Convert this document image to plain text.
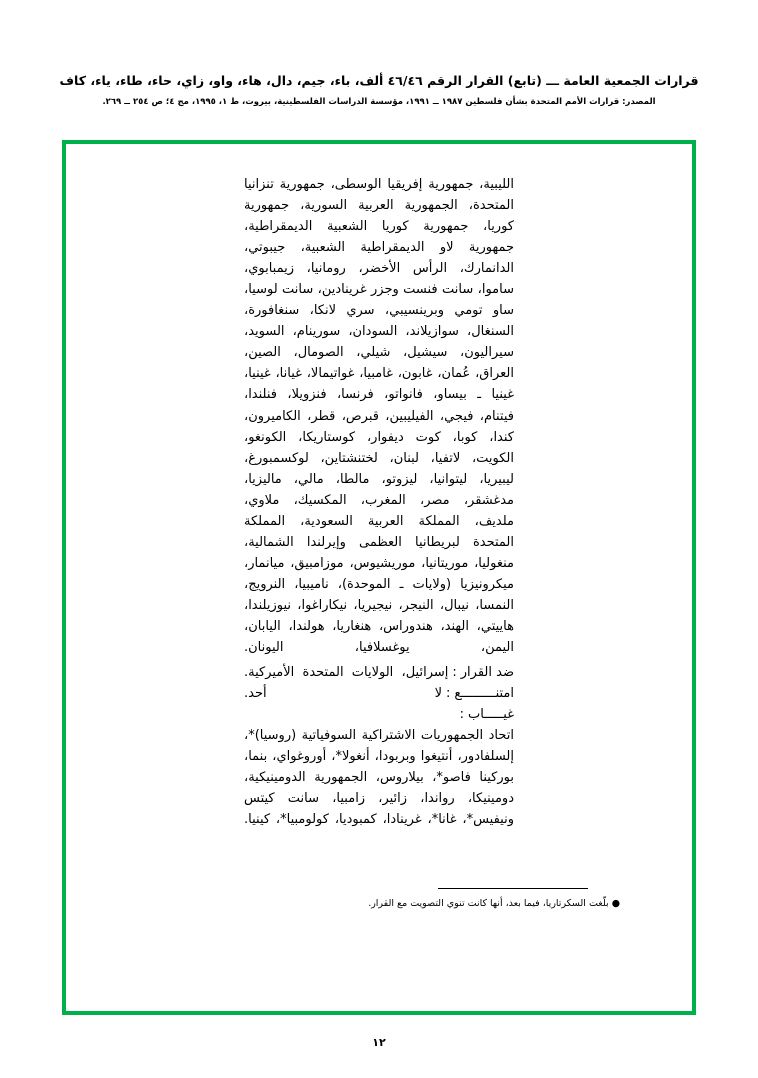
قرارات الجمعية العامة ـــ (تابع) القرار الرقم ٤٦/٤٦ ألف، باء، جيم، دال، هاء، واو، زاي، حاء، طاء، ياء، كاف
المصدر: قرارات الأمم المتحدة بشأن فلسطين ١٩٨٧ ــ ١٩٩١، مؤسسة الدراسات الفلسطينية، بيروت، ط ١، ١٩٩٥، مج ٤؛ ص ٢٥٤ ــ ٢٦٩.

الليبية، جمهورية إفريقيا الوسطى، جمهورية تنزانيا المتحدة، الجمهورية العربية السورية، جمهورية كوريا، جمهورية كوريا الشعبية الديمقراطية، جمهورية لاو الديمقراطية الشعبية، جيبوتي، الدانمارك، الرأس الأخضر، رومانيا، زيمبابوي، ساموا، سانت فنست وجزر غرينادين، سانت لوسيا، ساو تومي وبرينسيبي، سري لانكا، سنغافورة، السنغال، سوازيلاند، السودان، سورينام، السويد، سيراليون، سيشيل، شيلي، الصومال، الصين، العراق، عُمان، غابون، غامبيا، غواتيمالا، غيانا، غينيا، غينيا ـ بيساو، فانواتو، فرنسا، فنزويلا، فنلندا، فيتنام، فيجي، الفيليبين، قبرص، قطر، الكاميرون، كندا، كوبا، كوت ديفوار، كوستاريكا، الكونغو، الكويت، لاتفيا، لبنان، لختنشتاين، لوكسمبورغ، ليبيريا، ليتوانيا، ليزوتو، مالطا، مالي، ماليزيا، مدغشقر، مصر، المغرب، المكسيك، ملاوي، ملديف، المملكة العربية السعودية، المملكة المتحدة لبريطانيا العظمى وإيرلندا الشمالية، منغوليا، موريتانيا، موريشيوس، موزامبيق، ميانمار، ميكرونيزيا (ولايات ـ الموحدة)، ناميبيا، النرويج، النمسا، نيبال، النيجر، نيجيريا، نيكاراغوا، نيوزيلندا، هاييتي، الهند، هندوراس، هنغاريا، هولندا، اليابان، اليمن، يوغسلافيا، اليونان.

ضد القرار
:
إسرائيل، الولايات المتحدة الأميركية.
امتنـــــــــع
:
لا أحد.
غيـــــاب
:
اتحاد الجمهوريات الاشتراكية السوفياتية (روسيا)*، إلسلفادور، أنتيغوا وبربودا، أنغولا*، أوروغواي، بنما، بوركينا فاصو*، بيلاروس، الجمهورية الدومينيكية، دومينيكا، رواندا، زائير، زامبيا، سانت كيتس ونيفيس*، غانا*، غرينادا، كمبوديا، كولومبيا*، كينيا.
● بلّغت السكرتاريا، فيما بعد، أنها كانت تنوي التصويت مع القرار.
١٢
